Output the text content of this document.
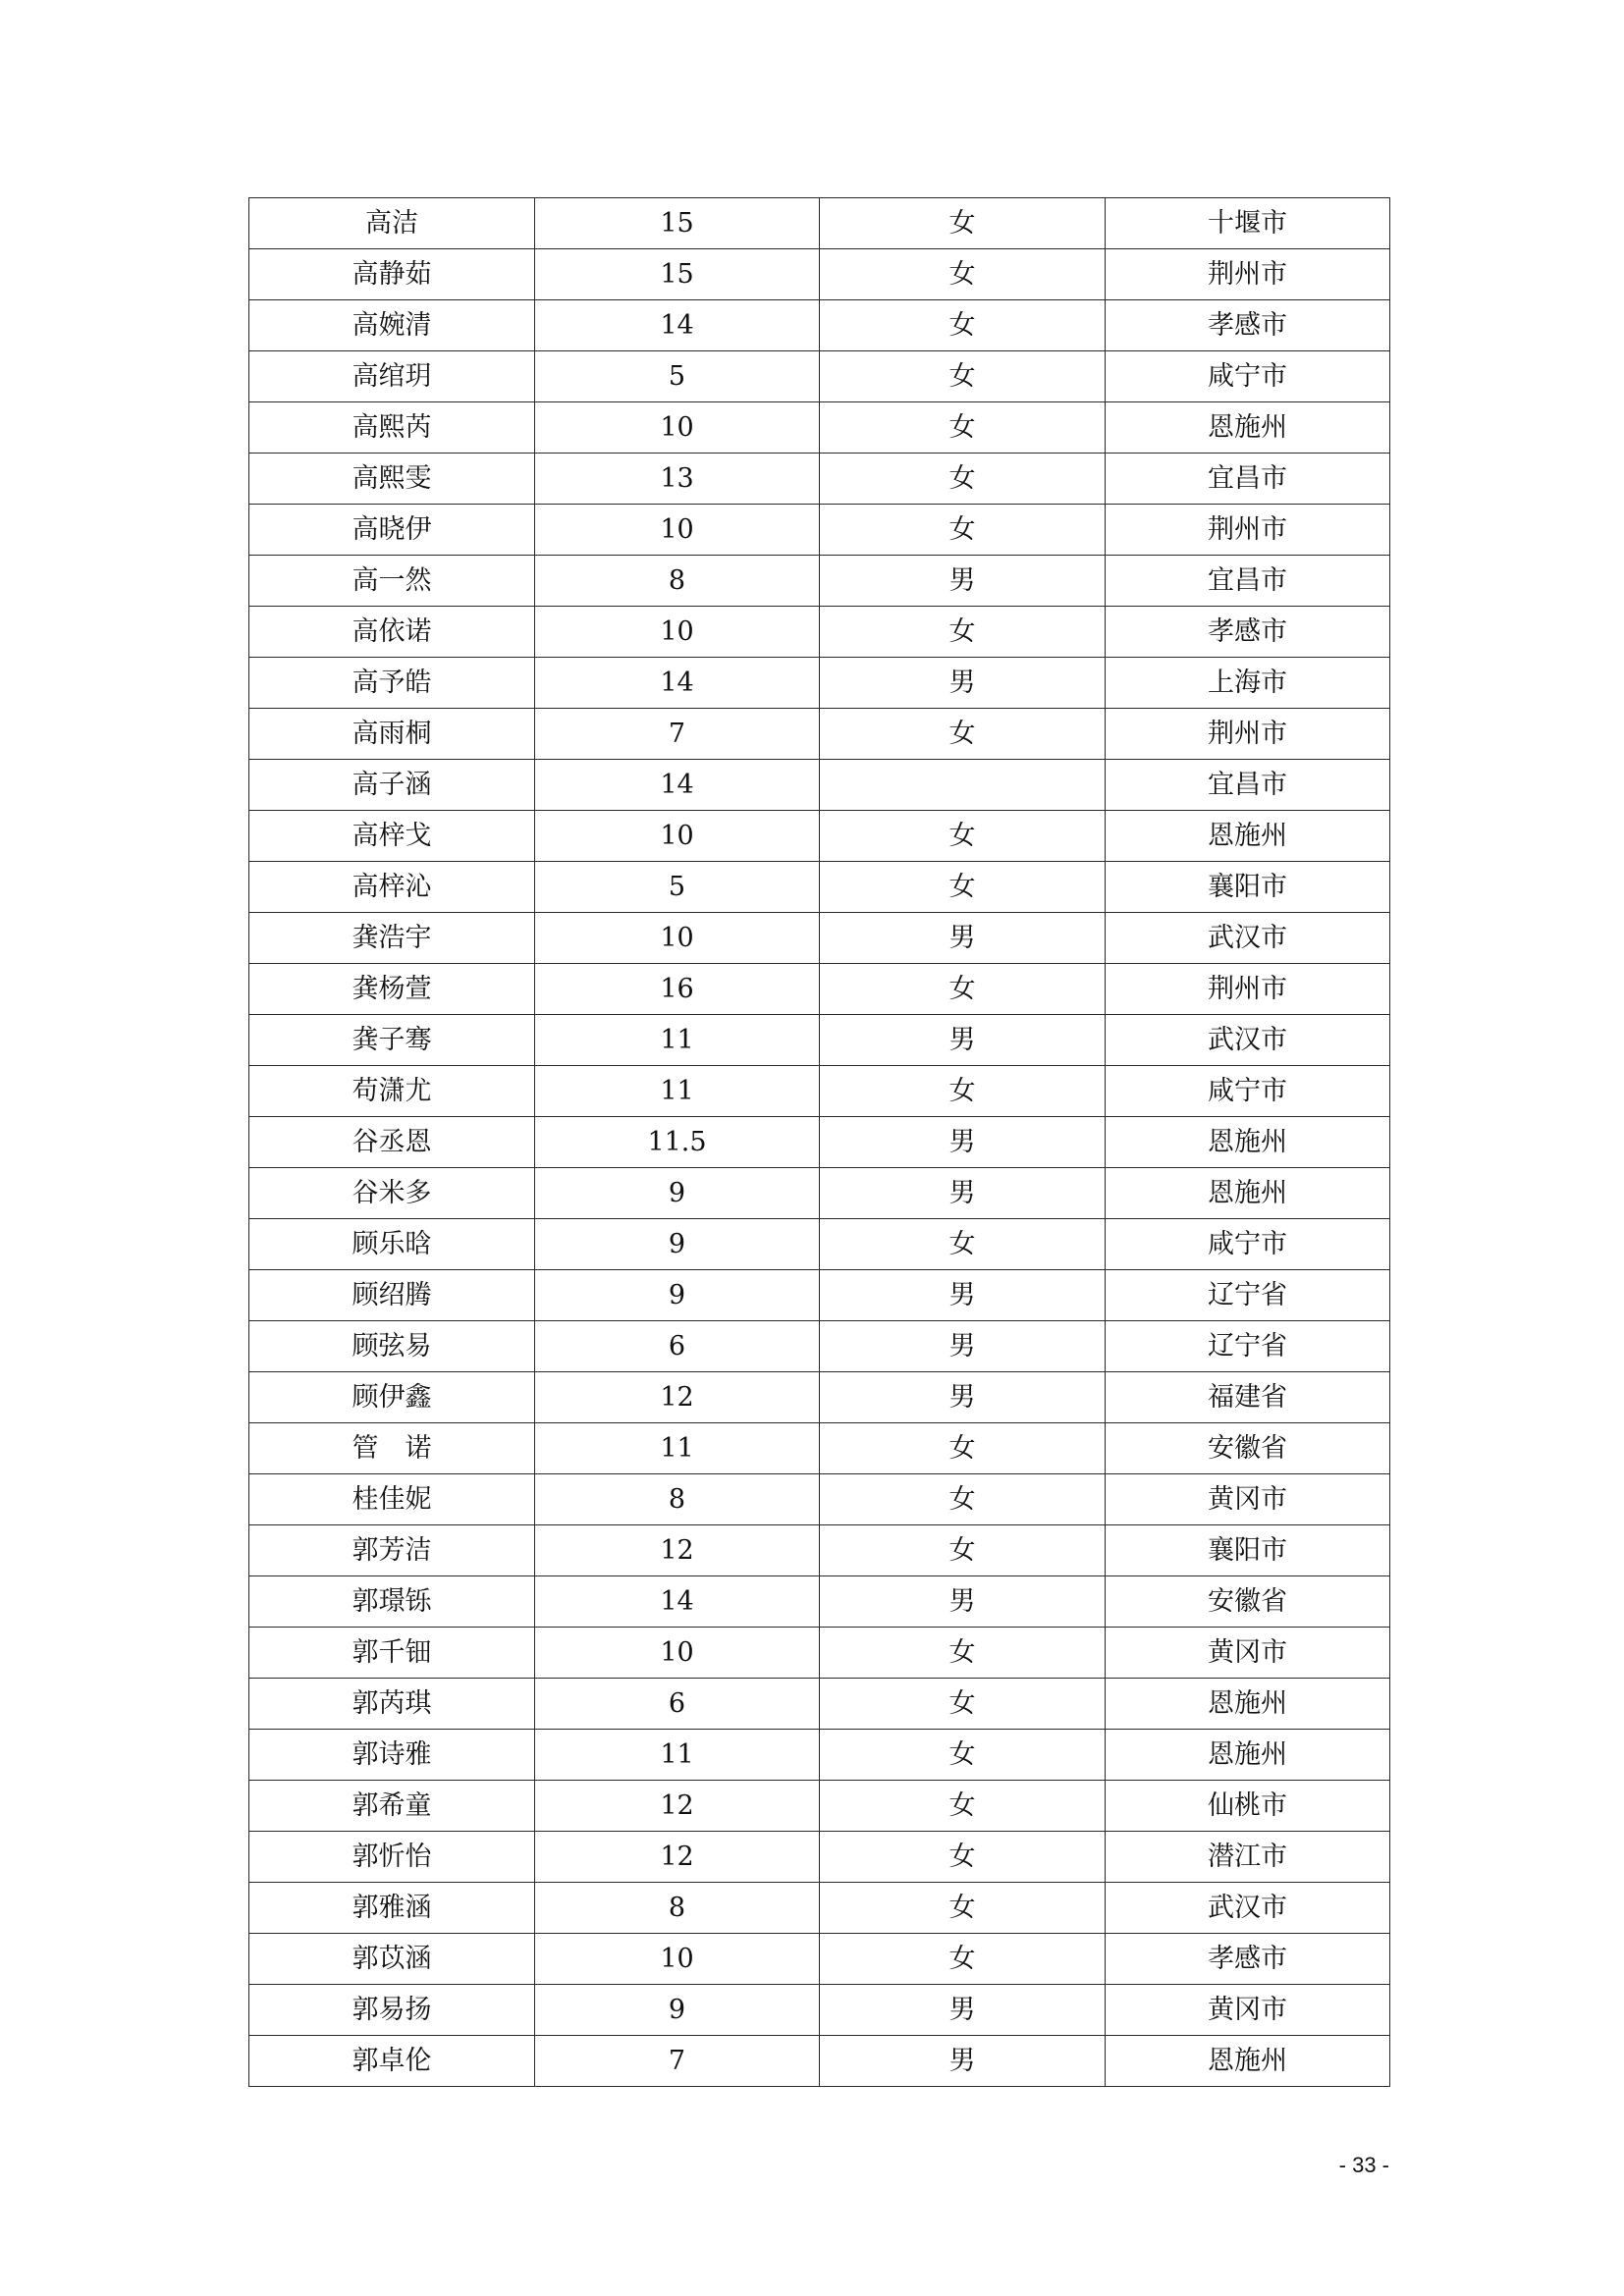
高洁	15	女	十堰市
高静茹	15	女	荆州市
高婉清	14	女	孝感市
高绾玥	5	女	咸宁市
高熙芮	10	女	恩施州
高熙雯	13	女	宜昌市
高晓伊	10	女	荆州市
高一然	8	男	宜昌市
高依诺	10	女	孝感市
高予皓	14	男	上海市
高雨桐	7	女	荆州市
高子涵	14		宜昌市
高梓戈	10	女	恩施州
高梓沁	5	女	襄阳市
龚浩宇	10	男	武汉市
龚杨萱	16	女	荆州市
龚子骞	11	男	武汉市
苟潇尤	11	女	咸宁市
谷丞恩	11.5	男	恩施州
谷米多	9	男	恩施州
顾乐晗	9	女	咸宁市
顾绍腾	9	男	辽宁省
顾弦易	6	男	辽宁省
顾伊鑫	12	男	福建省
管　诺	11	女	安徽省
桂佳妮	8	女	黄冈市
郭芳洁	12	女	襄阳市
郭璟铄	14	男	安徽省
郭千钿	10	女	黄冈市
郭芮琪	6	女	恩施州
郭诗雅	11	女	恩施州
郭希童	12	女	仙桃市
郭忻怡	12	女	潜江市
郭雅涵	8	女	武汉市
郭苡涵	10	女	孝感市
郭易扬	9	男	黄冈市
郭卓伦	7	男	恩施州
- 33 -
